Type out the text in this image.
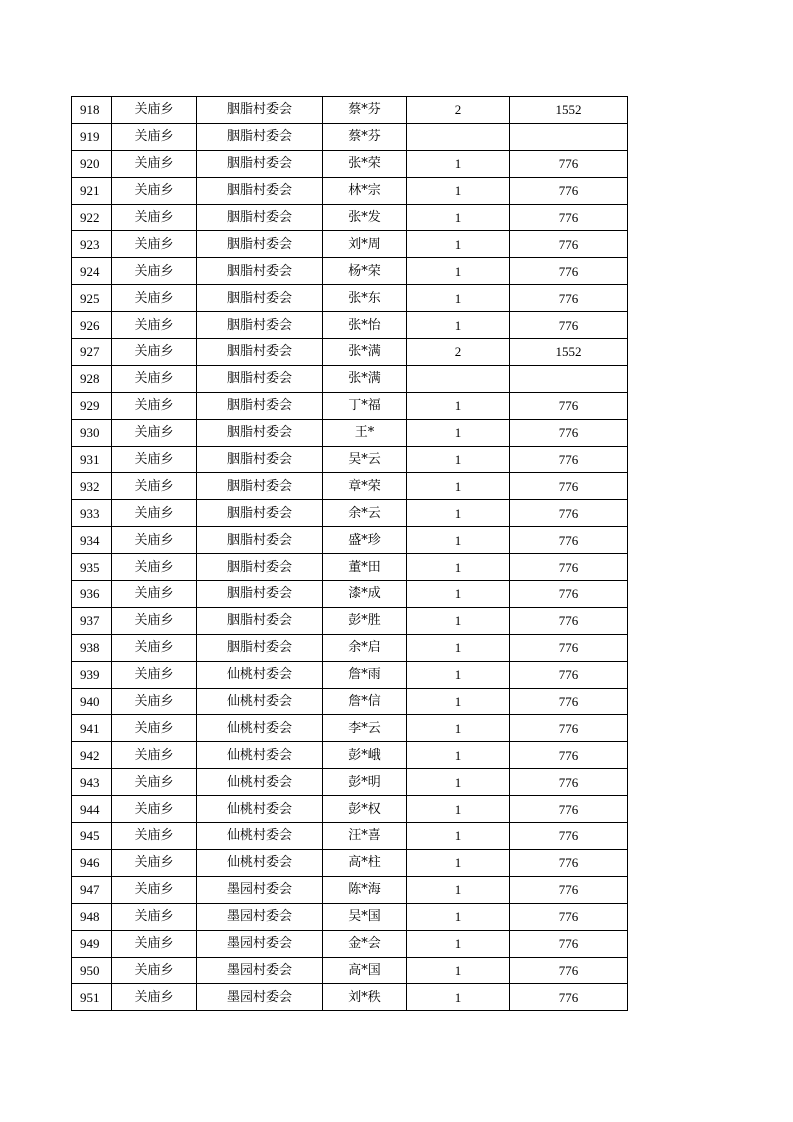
918	关庙乡	胭脂村委会	蔡*芬	2	1552
919	关庙乡	胭脂村委会	蔡*芬		
920	关庙乡	胭脂村委会	张*荣	1	776
921	关庙乡	胭脂村委会	林*宗	1	776
922	关庙乡	胭脂村委会	张*发	1	776
923	关庙乡	胭脂村委会	刘*周	1	776
924	关庙乡	胭脂村委会	杨*荣	1	776
925	关庙乡	胭脂村委会	张*东	1	776
926	关庙乡	胭脂村委会	张*怡	1	776
927	关庙乡	胭脂村委会	张*满	2	1552
928	关庙乡	胭脂村委会	张*满		
929	关庙乡	胭脂村委会	丁*福	1	776
930	关庙乡	胭脂村委会	王*	1	776
931	关庙乡	胭脂村委会	吴*云	1	776
932	关庙乡	胭脂村委会	章*荣	1	776
933	关庙乡	胭脂村委会	余*云	1	776
934	关庙乡	胭脂村委会	盛*珍	1	776
935	关庙乡	胭脂村委会	董*田	1	776
936	关庙乡	胭脂村委会	漆*成	1	776
937	关庙乡	胭脂村委会	彭*胜	1	776
938	关庙乡	胭脂村委会	余*启	1	776
939	关庙乡	仙桃村委会	詹*雨	1	776
940	关庙乡	仙桃村委会	詹*信	1	776
941	关庙乡	仙桃村委会	李*云	1	776
942	关庙乡	仙桃村委会	彭*峨	1	776
943	关庙乡	仙桃村委会	彭*明	1	776
944	关庙乡	仙桃村委会	彭*权	1	776
945	关庙乡	仙桃村委会	汪*喜	1	776
946	关庙乡	仙桃村委会	高*柱	1	776
947	关庙乡	墨园村委会	陈*海	1	776
948	关庙乡	墨园村委会	吴*国	1	776
949	关庙乡	墨园村委会	金*会	1	776
950	关庙乡	墨园村委会	高*国	1	776
951	关庙乡	墨园村委会	刘*秩	1	776
